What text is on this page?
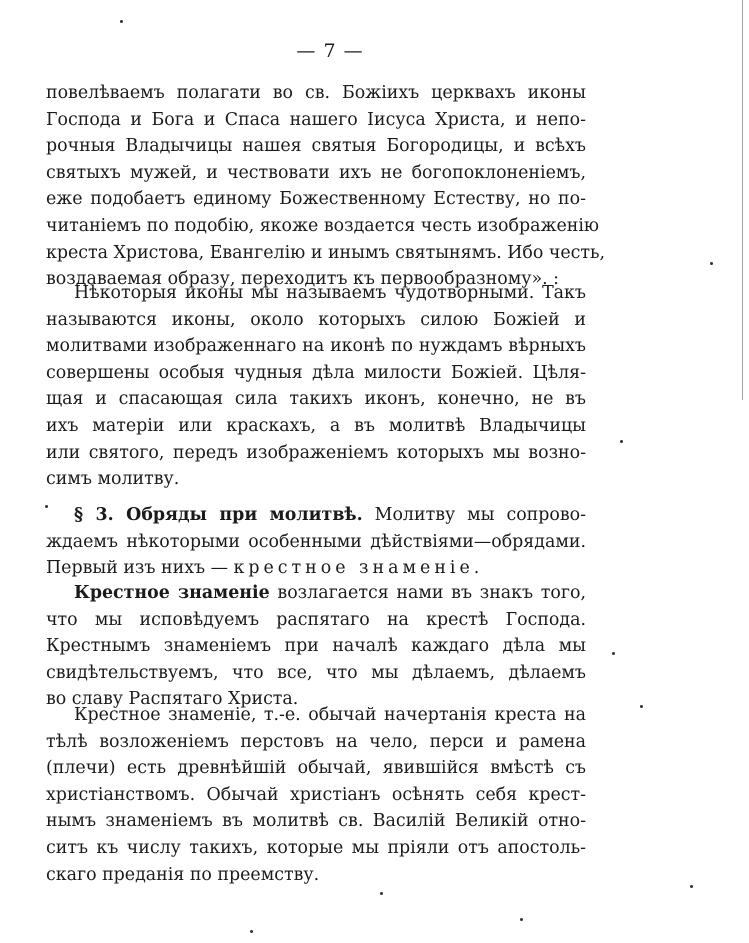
— 7 —
повелѣваемъ полагати во св. Божіихъ церквахъ иконы
Господа и Бога и Спаса нашего Іисуса Христа, и непо-
рочныя Владычицы нашея святыя Богородицы, и всѣхъ
святыхъ мужей, и чествовати ихъ не богопоклоненіемъ,
еже подобаетъ единому Божественному Естеству, но по-
читаніемъ по подобію, якоже воздается честь изображенію
креста Христова, Евангелію и инымъ святынямъ. Ибо честь,
воздаваемая образу, переходитъ къ первообразному». :
Нѣкоторыя иконы мы называемъ чудотворными. Такъ
называются иконы, около которыхъ силою Божіей и
молитвами изображеннаго на иконѣ по нуждамъ вѣрныхъ
совершены особыя чудныя дѣла милости Божіей. Цѣля-
щая и спасающая сила такихъ иконъ, конечно, не въ
ихъ матеріи или краскахъ, а въ молитвѣ Владычицы
или святого, передъ изображеніемъ которыхъ мы возно-
симъ молитву.
§ 3. Обряды при молитвѣ. Молитву мы сопрово-
ждаемъ нѣкоторыми особенными дѣйствіями—обрядами.
Первый изъ нихъ — крестное знаменіе.
Крестное знаменіе возлагается нами въ знакъ того,
что мы исповѣдуемъ распятаго на крестѣ Господа.
Крестнымъ знаменіемъ при началѣ каждаго дѣла мы
свидѣтельствуемъ, что все, что мы дѣлаемъ, дѣлаемъ
во славу Распятаго Христа.
Крестное знаменіе, т.-е. обычай начертанія креста на
тѣлѣ возложеніемъ перстовъ на чело, перси и рамена
(плечи) есть древнѣйшій обычай, явившійся вмѣстѣ съ
христіанствомъ. Обычай христіанъ осѣнять себя крест-
нымъ знаменіемъ въ молитвѣ св. Василій Великій отно-
ситъ къ числу такихъ, которые мы пріяли отъ апостоль-
скаго преданія по преемству.
